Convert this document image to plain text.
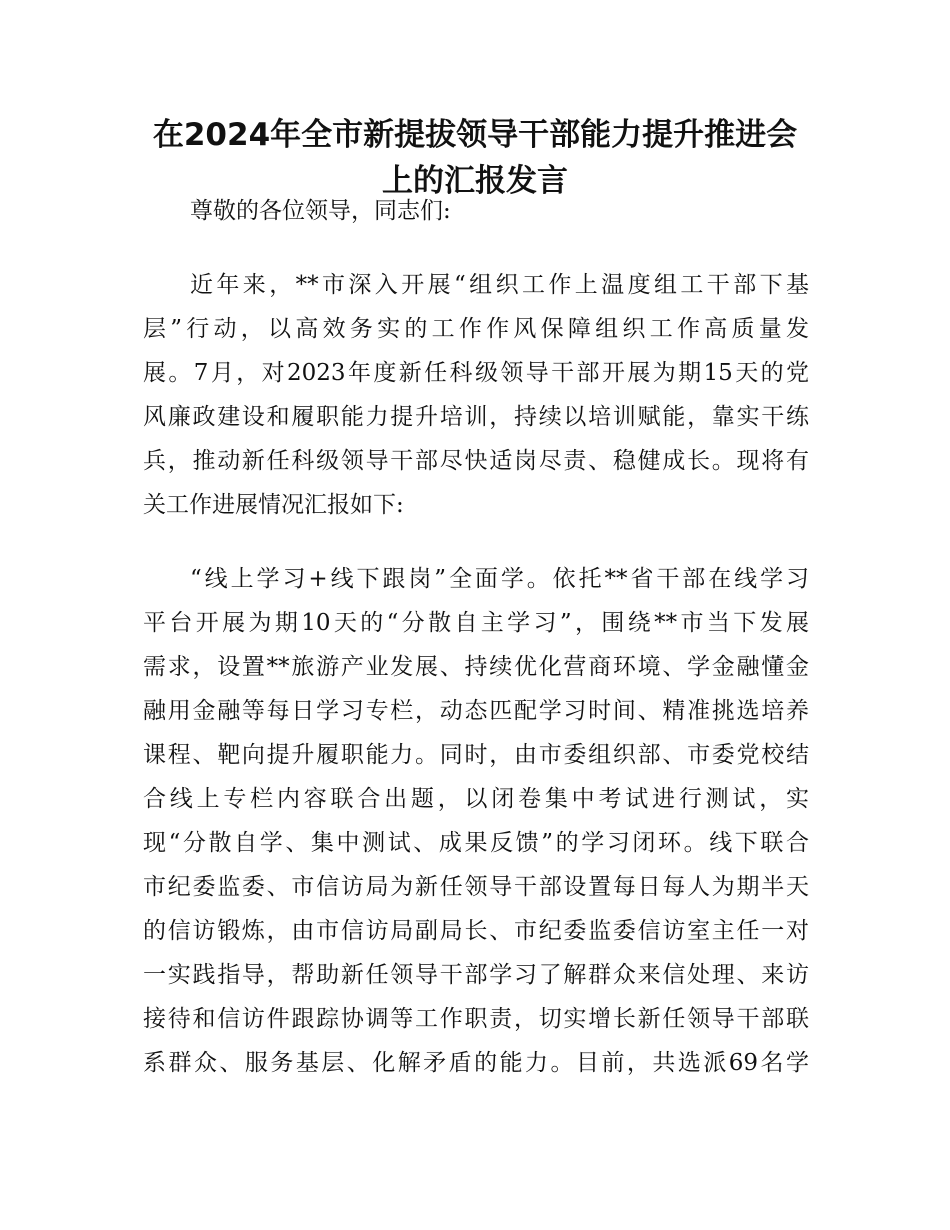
在2024年全市新提拔领导干部能力提升推进会
上的汇报发言

尊敬的各位领导，同志们:

近年来，**市深入开展“组织工作上温度组工干部下基

层”行动，以高效务实的工作作风保障组织工作高质量发

展。7月，对2023年度新任科级领导干部开展为期15天的党

风廉政建设和履职能力提升培训，持续以培训赋能，靠实干练

兵，推动新任科级领导干部尽快适岗尽责、稳健成长。现将有

关工作进展情况汇报如下:

“线上学习+线下跟岗”全面学。依托**省干部在线学习

平台开展为期10天的“分散自主学习”，围绕**市当下发展

需求，设置**旅游产业发展、持续优化营商环境、学金融懂金

融用金融等每日学习专栏，动态匹配学习时间、精准挑选培养

课程、靶向提升履职能力。同时，由市委组织部、市委党校结

合线上专栏内容联合出题，以闭卷集中考试进行测试，实

现“分散自学、集中测试、成果反馈”的学习闭环。线下联合

市纪委监委、市信访局为新任领导干部设置每日每人为期半天

的信访锻炼，由市信访局副局长、市纪委监委信访室主任一对

一实践指导，帮助新任领导干部学习了解群众来信处理、来访

接待和信访件跟踪协调等工作职责，切实增长新任领导干部联

系群众、服务基层、化解矛盾的能力。目前，共选派69名学
